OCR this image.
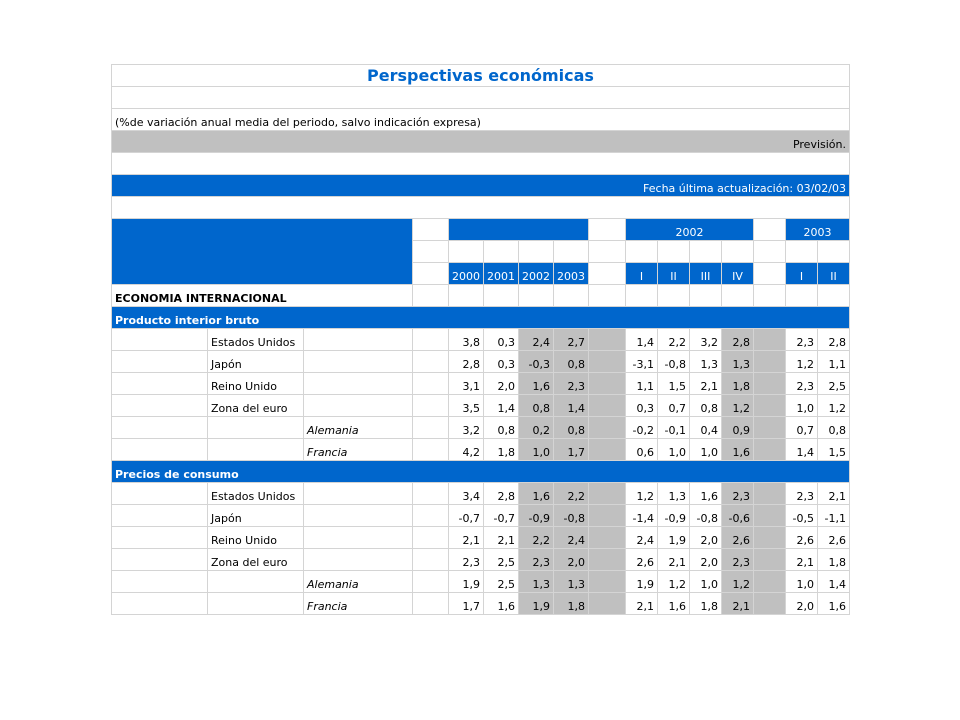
Perspectivas económicas															

(%de variación anual media del periodo, salvo indicación expresa)															
Previsión.															

Fecha última actualización: 03/02/03															

									2002					2003	

				2000	2001	2002	2003		I	II	III	IV		I	II
ECONOMIA INTERNACIONAL															
Producto interior bruto															
	Estados Unidos			3,8	0,3	2,4	2,7		1,4	2,2	3,2	2,8		2,3	2,8
	Japón			2,8	0,3	-0,3	0,8		-3,1	-0,8	1,3	1,3		1,2	1,1
	Reino Unido			3,1	2,0	1,6	2,3		1,1	1,5	2,1	1,8		2,3	2,5
	Zona del euro			3,5	1,4	0,8	1,4		0,3	0,7	0,8	1,2		1,0	1,2
		Alemania		3,2	0,8	0,2	0,8		-0,2	-0,1	0,4	0,9		0,7	0,8
		Francia		4,2	1,8	1,0	1,7		0,6	1,0	1,0	1,6		1,4	1,5
Precios de consumo															
	Estados Unidos			3,4	2,8	1,6	2,2		1,2	1,3	1,6	2,3		2,3	2,1
	Japón			-0,7	-0,7	-0,9	-0,8		-1,4	-0,9	-0,8	-0,6		-0,5	-1,1
	Reino Unido			2,1	2,1	2,2	2,4		2,4	1,9	2,0	2,6		2,6	2,6
	Zona del euro			2,3	2,5	2,3	2,0		2,6	2,1	2,0	2,3		2,1	1,8
		Alemania		1,9	2,5	1,3	1,3		1,9	1,2	1,0	1,2		1,0	1,4
		Francia		1,7	1,6	1,9	1,8		2,1	1,6	1,8	2,1		2,0	1,6
